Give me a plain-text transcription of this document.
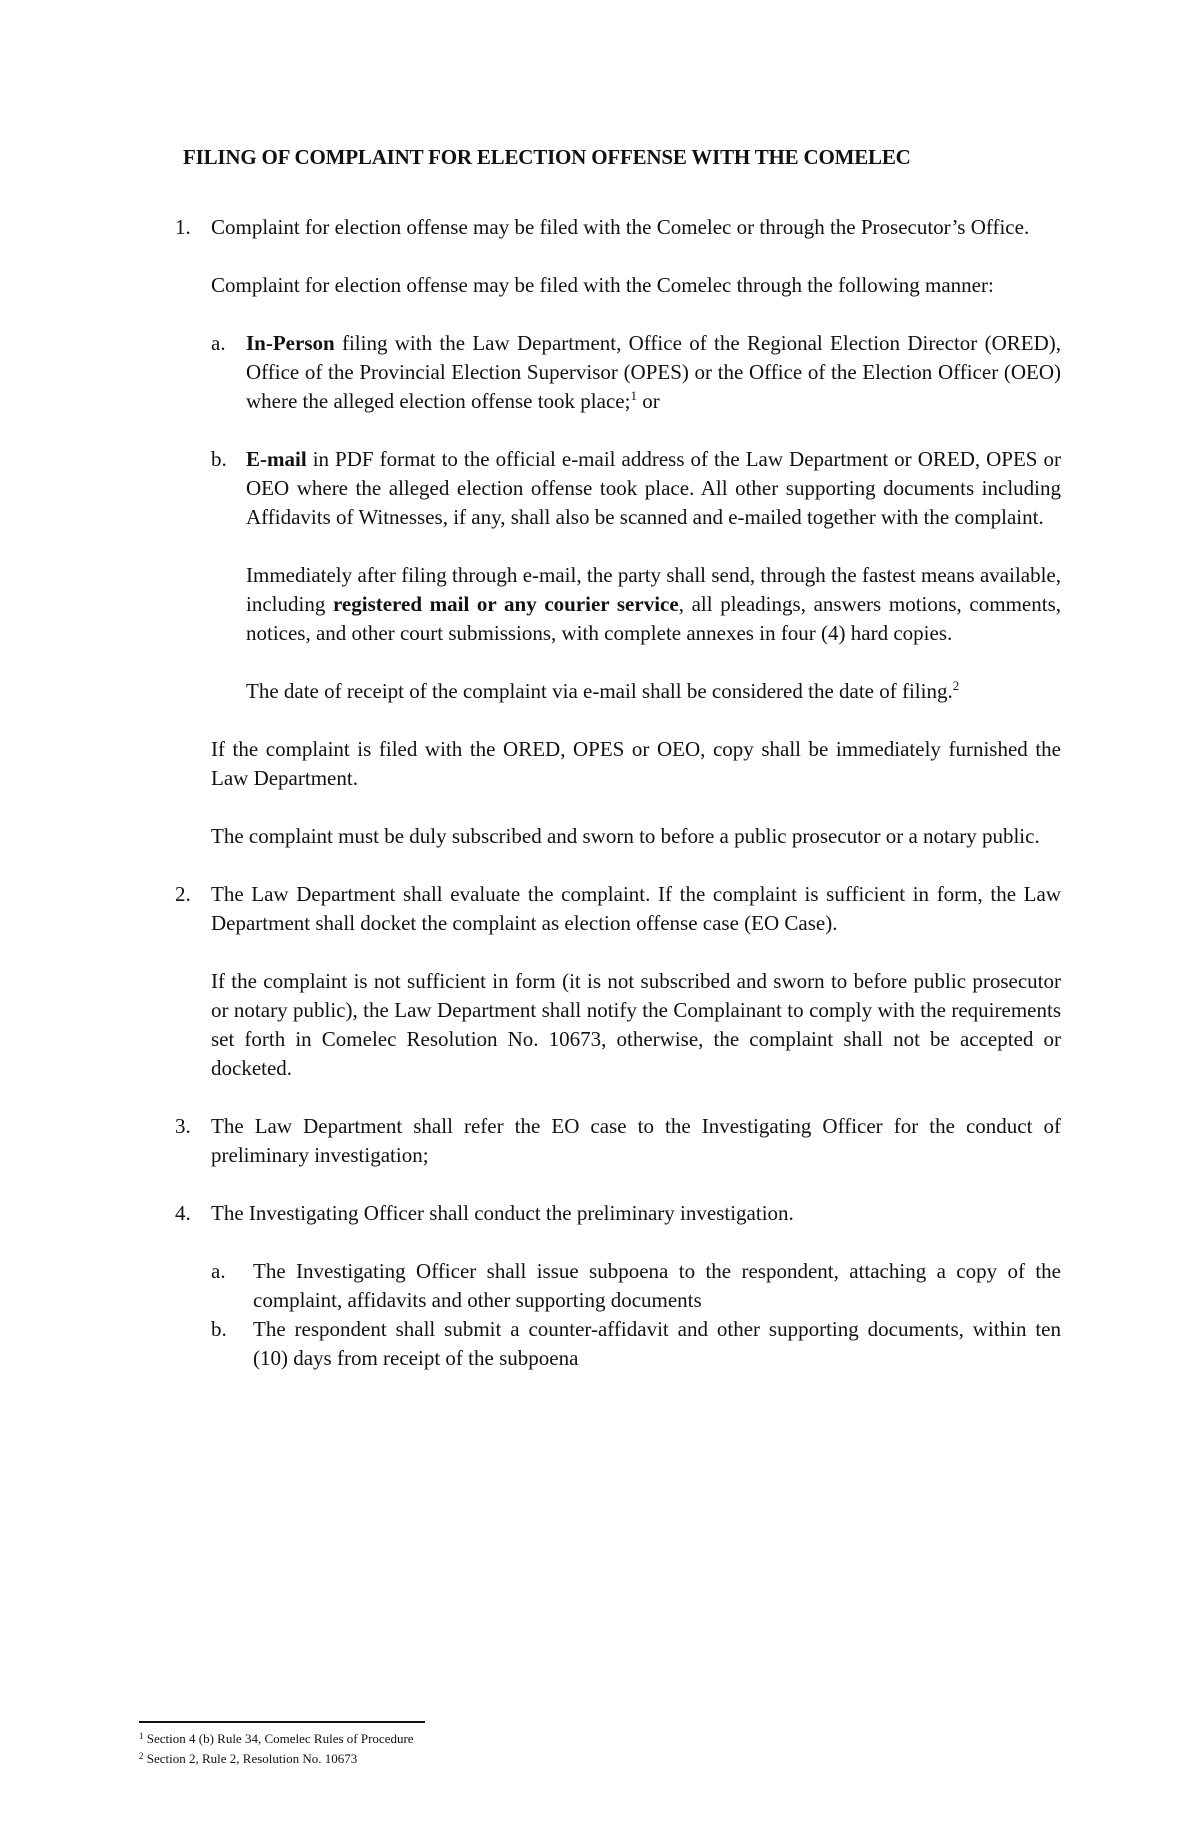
FILING OF COMPLAINT FOR ELECTION OFFENSE WITH THE COMELEC
1. Complaint for election offense may be filed with the Comelec or through the Prosecutor’s Office.

Complaint for election offense may be filed with the Comelec through the following manner:

a. In-Person filing with the Law Department, Office of the Regional Election Director (ORED), Office of the Provincial Election Supervisor (OPES) or the Office of the Election Officer (OEO) where the alleged election offense took place;$^1$ or

b. E-mail in PDF format to the official e-mail address of the Law Department or ORED, OPES or OEO where the alleged election offense took place. All other supporting documents including Affidavits of Witnesses, if any, shall also be scanned and e-mailed together with the complaint.

Immediately after filing through e-mail, the party shall send, through the fastest means available, including registered mail or any courier service, all pleadings, answers motions, comments, notices, and other court submissions, with complete annexes in four (4) hard copies.

The date of receipt of the complaint via e-mail shall be considered the date of filing.$^2$

If the complaint is filed with the ORED, OPES or OEO, copy shall be immediately furnished the Law Department.

The complaint must be duly subscribed and sworn to before a public prosecutor or a notary public.

2. The Law Department shall evaluate the complaint. If the complaint is sufficient in form, the Law Department shall docket the complaint as election offense case (EO Case).

If the complaint is not sufficient in form (it is not subscribed and sworn to before public prosecutor or notary public), the Law Department shall notify the Complainant to comply with the requirements set forth in Comelec Resolution No. 10673, otherwise, the complaint shall not be accepted or docketed.

3. The Law Department shall refer the EO case to the Investigating Officer for the conduct of preliminary investigation;

4. The Investigating Officer shall conduct the preliminary investigation.

a. The Investigating Officer shall issue subpoena to the respondent, attaching a copy of the complaint, affidavits and other supporting documents

b. The respondent shall submit a counter-affidavit and other supporting documents, within ten (10) days from receipt of the subpoena

$^1$ Section 4 (b) Rule 34, Comelec Rules of Procedure

$^2$ Section 2, Rule 2, Resolution No. 10673
